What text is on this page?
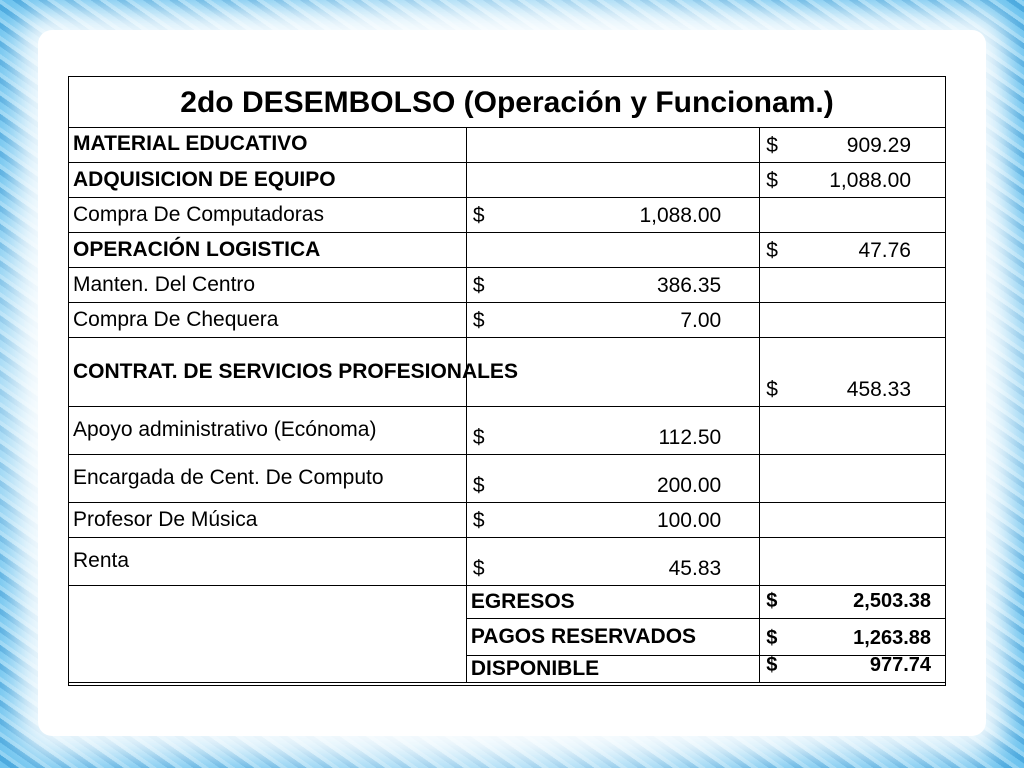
2do DESEMBOLSO (Operación y Funcionam.)
MATERIAL EDUCATIVO		$ 909.29

ADQUISICION DE EQUIPO		$ 1,088.00

Compra De Computadoras	$ 1,088.00	

OPERACIÓN LOGISTICA		$ 47.76

Manten. Del Centro	$ 386.35	

Compra De Chequera	$ 7.00	

CONTRAT. DE SERVICIOS PROFESIONALES		$ 458.33

Apoyo administrativo (Ecónoma)	$ 112.50	

Encargada de Cent. De Computo	$ 200.00	

Profesor De Música	$ 100.00	

Renta	$ 45.83	

	EGRESOS	$ 2,503.38

	PAGOS RESERVADOS	$ 1,263.88

	DISPONIBLE	$ 977.74
